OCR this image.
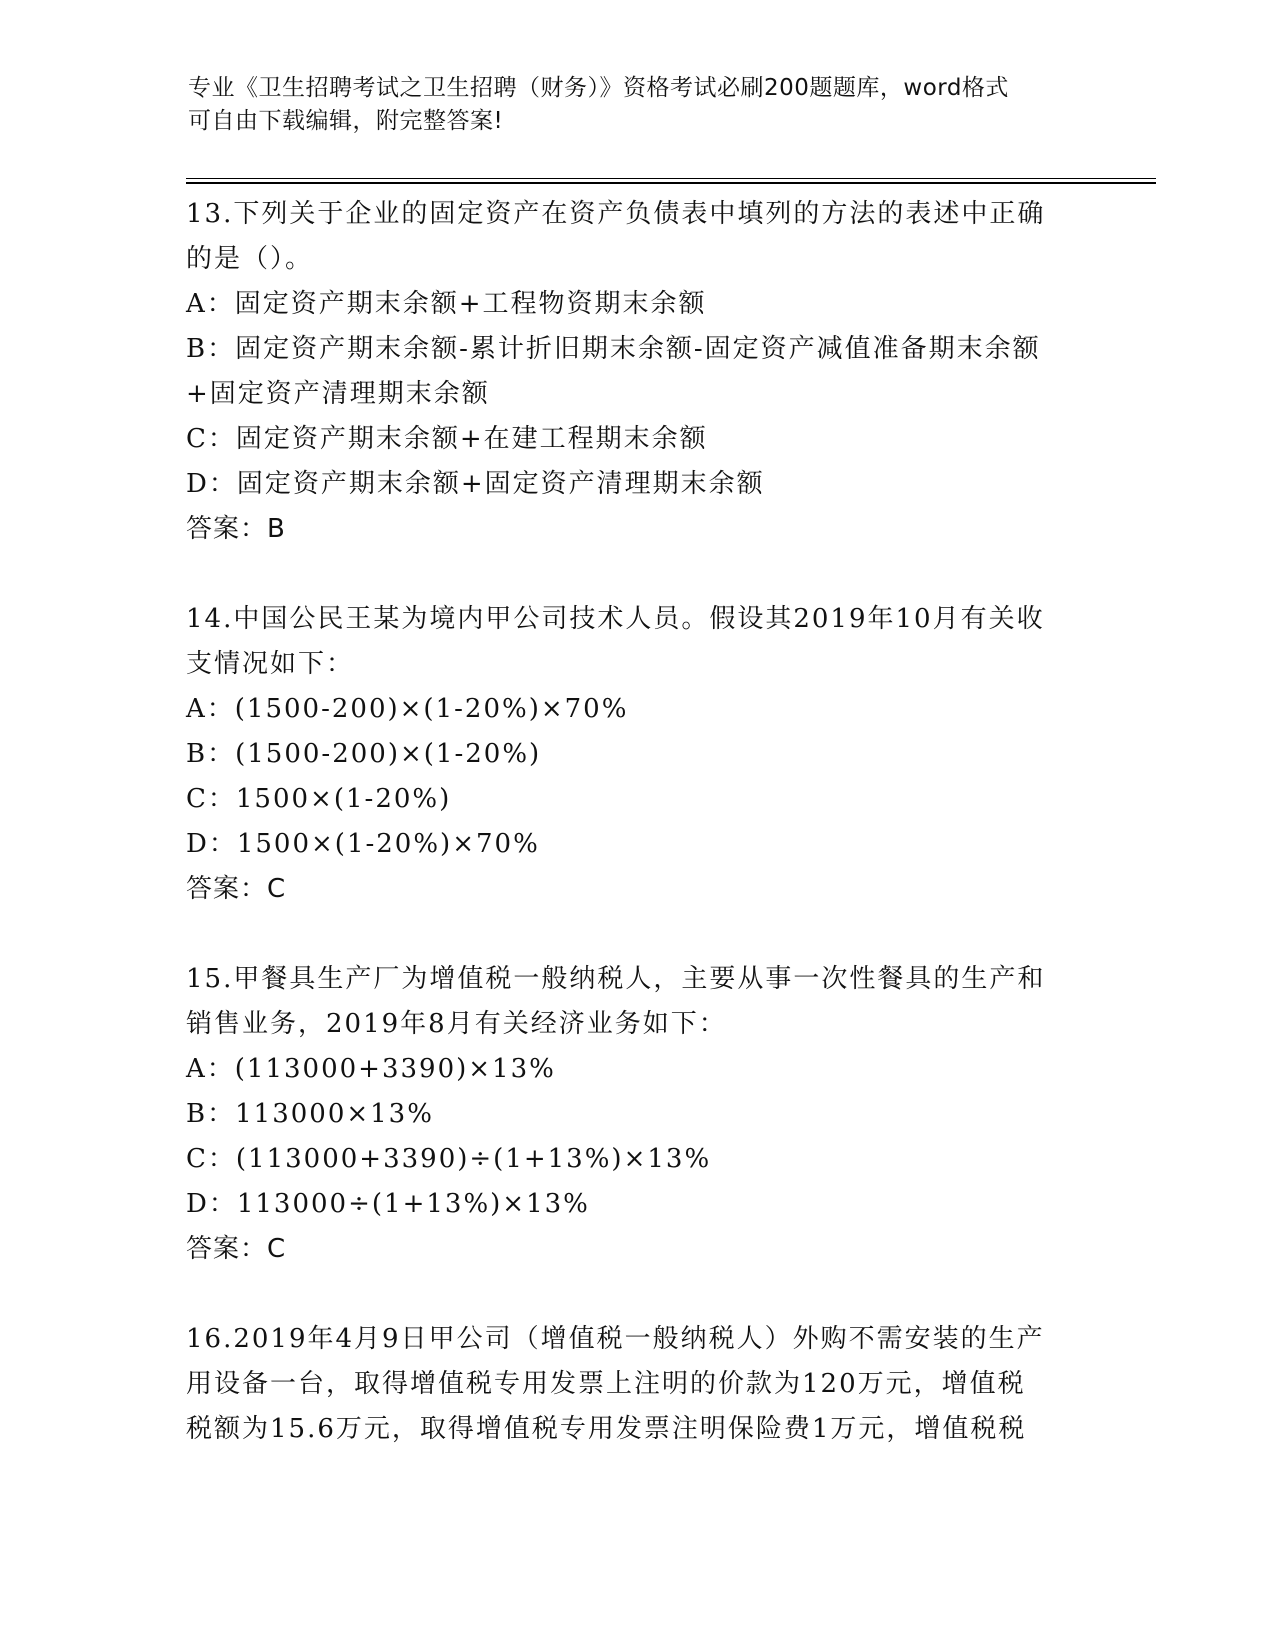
专业《卫生招聘考试之卫生招聘（财务）》资格考试必刷200题题库，word格式
可自由下载编辑，附完整答案!
13.下列关于企业的固定资产在资产负债表中填列的方法的表述中正确
的是（）。
A：固定资产期末余额+工程物资期末余额
B：固定资产期末余额-累计折旧期末余额-固定资产减值准备期末余额
+固定资产清理期末余额
C：固定资产期末余额+在建工程期末余额
D：固定资产期末余额+固定资产清理期末余额
答案：B
14.中国公民王某为境内甲公司技术人员。假设其2019年10月有关收
支情况如下：
A：(1500-200)×(1-20%)×70%
B：(1500-200)×(1-20%)
C：1500×(1-20%)
D：1500×(1-20%)×70%
答案：C
15.甲餐具生产厂为增值税一般纳税人，主要从事一次性餐具的生产和
销售业务，2019年8月有关经济业务如下：
A：(113000+3390)×13%
B：113000×13%
C：(113000+3390)÷(1+13%)×13%
D：113000÷(1+13%)×13%
答案：C
16.2019年4月9日甲公司（增值税一般纳税人）外购不需安装的生产
用设备一台，取得增值税专用发票上注明的价款为120万元，增值税
税额为15.6万元，取得增值税专用发票注明保险费1万元，增值税税
